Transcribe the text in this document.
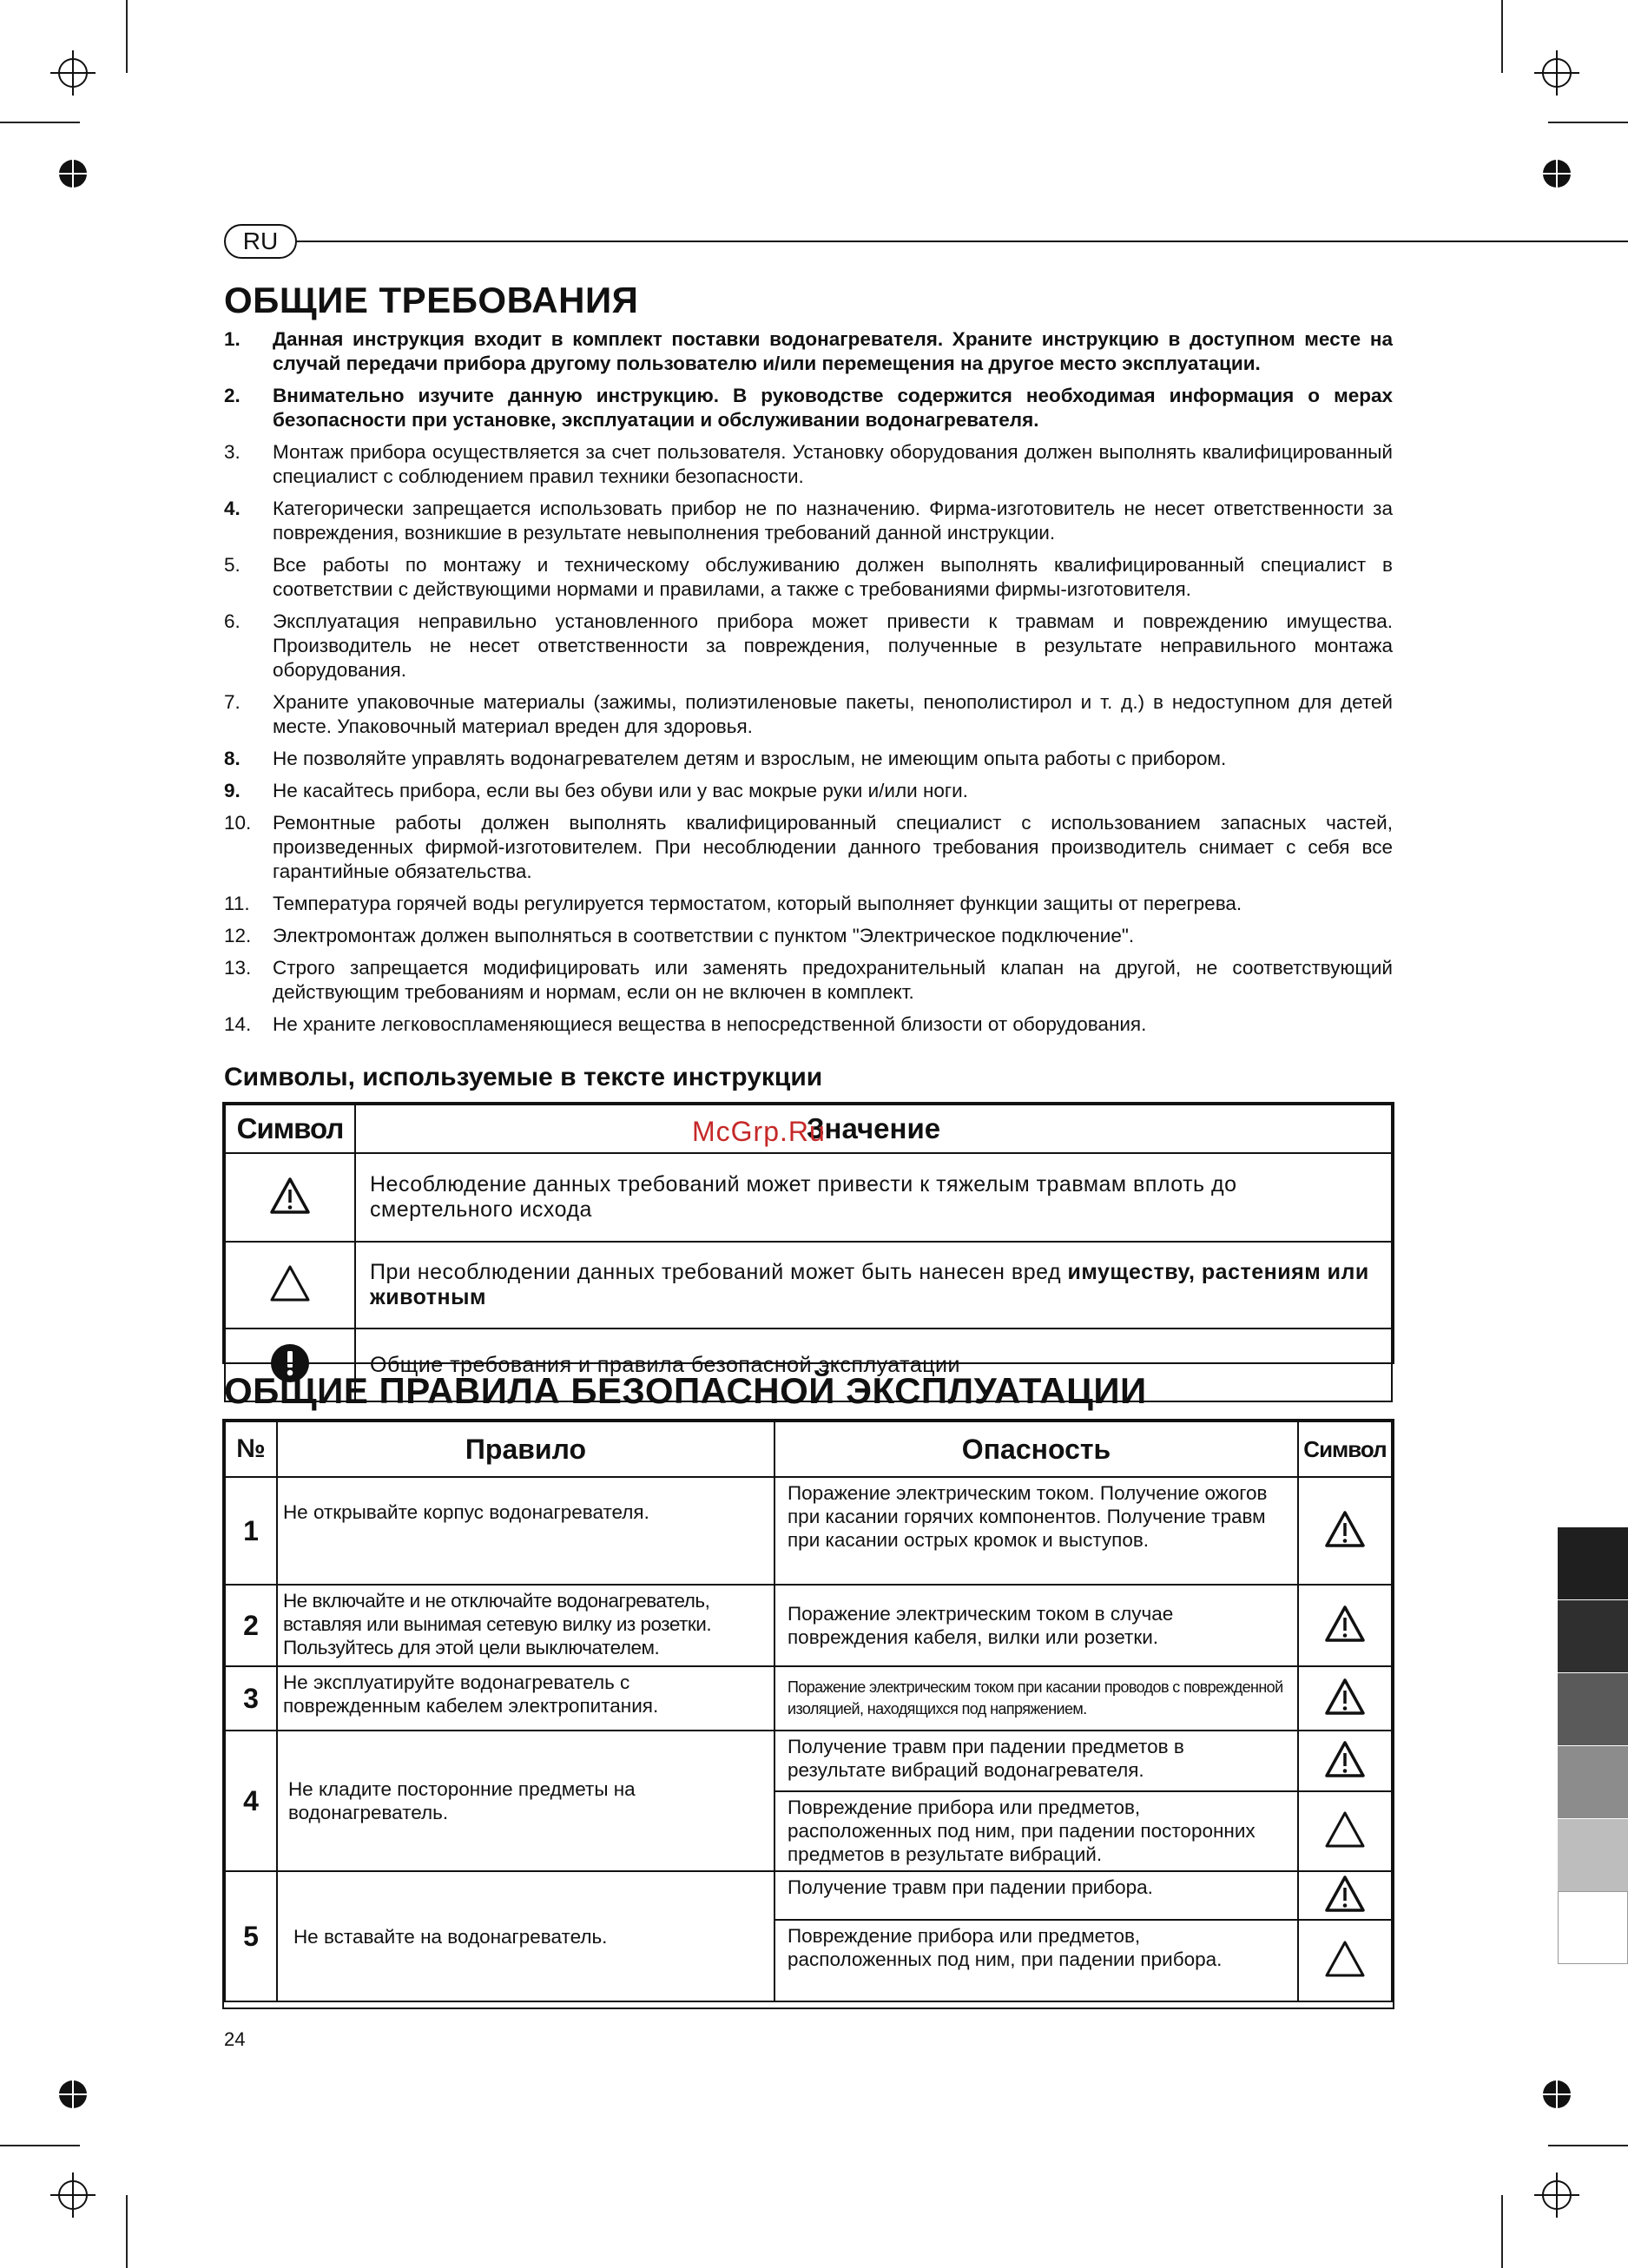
RU
ОБЩИЕ ТРЕБОВАНИЯ
1. Данная инструкция входит в комплект поставки водонагревателя. Храните инструкцию в доступном месте на случай передачи прибора другому пользователю и/или перемещения на другое место эксплуатации.
2. Внимательно изучите данную инструкцию. В руководстве содержится необходимая информация о мерах безопасности при установке, эксплуатации и обслуживании водонагревателя.
3. Монтаж прибора осуществляется за счет пользователя. Установку оборудования должен выполнять квалифицированный специалист с соблюдением правил техники безопасности.
4. Категорически запрещается использовать прибор не по назначению. Фирма-изготовитель не несет ответственности за повреждения, возникшие в результате невыполнения требований данной инструкции.
5. Все работы по монтажу и техническому обслуживанию должен выполнять квалифицированный специалист в соответствии с действующими нормами и правилами, а также с требованиями фирмы-изготовителя.
6. Эксплуатация неправильно установленного прибора может привести к травмам и повреждению имущества. Производитель не несет ответственности за повреждения, полученные в результате неправильного монтажа оборудования.
7. Храните упаковочные материалы (зажимы, полиэтиленовые пакеты, пенополистирол и т. д.) в недоступном для детей месте. Упаковочный материал вреден для здоровья.
8. Не позволяйте управлять водонагревателем детям и взрослым, не имеющим опыта работы с прибором.
9. Не касайтесь прибора, если вы без обуви или у вас мокрые руки и/или ноги.
10. Ремонтные работы должен выполнять квалифицированный специалист с использованием запасных частей, произведенных фирмой-изготовителем. При несоблюдении данного требования производитель снимает с себя все гарантийные обязательства.
11. Температура горячей воды регулируется термостатом, который выполняет функции защиты от перегрева.
12. Электромонтаж должен выполняться в соответствии с пунктом "Электрическое подключение".
13. Строго запрещается модифицировать или заменять предохранительный клапан на другой, не соответствующий действующим требованиям и нормам, если он не включен в комплект.
14. Не храните легковоспламеняющиеся вещества в непосредственной близости от оборудования.
Символы, используемые в тексте инструкции
Символ	Значение
	Несоблюдение данных требований может привести к тяжелым травмам вплоть до смертельного исхода
	При несоблюдении данных требований может быть нанесен вред имуществу, растениям или животным
	Общие требования и правила безопасной эксплуатации
McGrp.Ru
ОБЩИЕ ПРАВИЛА БЕЗОПАСНОЙ ЭКСПЛУАТАЦИИ
№	Правило	Опасность	Символ
1	Не открывайте корпус водонагревателя.	Поражение электрическим током. Получение ожогов при касании горячих компонентов. Получение травм при касании острых кромок и выступов.	
2	Не включайте и не отключайте водонагреватель, вставляя или вынимая сетевую вилку из розетки. Пользуйтесь для этой цели выключателем.	Поражение электрическим током в случае повреждения кабеля, вилки или розетки.	
3	Не эксплуатируйте водонагреватель с поврежденным кабелем электропитания.	Поражение электрическим током при касании проводов с поврежденной изоляцией, находящихся под напряжением.	
4	Не кладите посторонние предметы на водонагреватель.	Получение травм при падении предметов в результате вибраций водонагревателя.	
		Повреждение прибора или предметов, расположенных под ним, при падении посторонних предметов в результате вибраций.	
5	Не вставайте на водонагреватель.	Получение травм при падении прибора.	
		Повреждение прибора или предметов, расположенных под ним, при падении прибора.	
24
